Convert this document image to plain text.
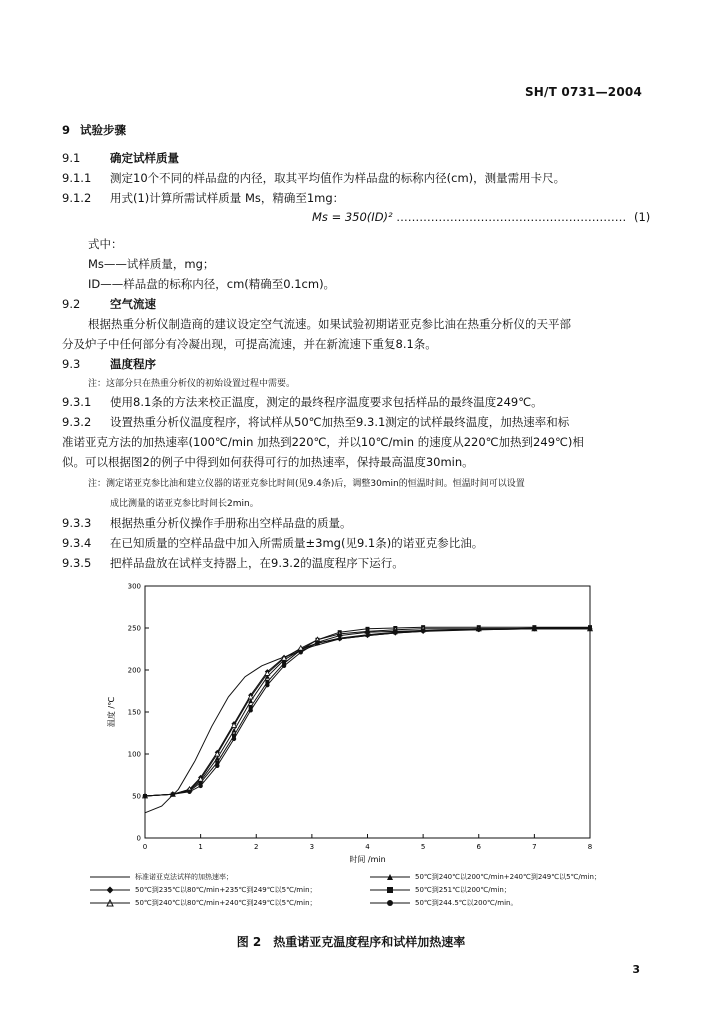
SH/T 0731—2004
9 试验步骤
9.1	确定试样质量
9.1.1 测定10个不同的样品盘的内径，取其平均值作为样品盘的标称内径(cm)，测量需用卡尺。
9.1.2 用式(1)计算所需试样质量 Ms，精确至1mg：
Ms = 350(ID)² …………………………………………………… (1)
式中：
Ms——试样质量，mg；
ID——样品盘的标称内径，cm(精确至0.1cm)。
9.2	空气流速
根据热重分析仪制造商的建议设定空气流速。如果试验初期诺亚克参比油在热重分析仪的天平部
分及炉子中任何部分有冷凝出现，可提高流速，并在新流速下重复8.1条。
9.3	温度程序
注：这部分只在热重分析仪的初始设置过程中需要。
9.3.1 使用8.1条的方法来校正温度，测定的最终程序温度要求包括样品的最终温度249℃。
9.3.2 设置热重分析仪温度程序，将试样从50℃加热至9.3.1测定的试样最终温度，加热速率和标
准诺亚克方法的加热速率(100℃/min 加热到220℃，并以10℃/min 的速度从220℃加热到249℃)相
似。可以根据图2的例子中得到如何获得可行的加热速率，保持最高温度30min。
注：测定诺亚克参比油和建立仪器的诺亚克参比时间(见9.4条)后，调整30min的恒温时间。恒温时间可以设置
成比测量的诺亚克参比时间长2min。
9.3.3 根据热重分析仪操作手册称出空样品盘的质量。
9.3.4 在已知质量的空样品盘中加入所需质量±3mg(见9.1条)的诺亚克参比油。
9.3.5 把样品盘放在试样支持器上，在9.3.2的温度程序下运行。
0	1	2	3	4	5	6	7	8
0
50
100
150
200
250
300
温度 /℃
时间 /min
标准诺亚克法试样的加热速率；	50℃到240℃以200℃/min+240℃到249℃以5℃/min；
50℃到235℃以80℃/min+235℃到249℃以5℃/min；	50℃到251℃以200℃/min；
50℃到240℃以80℃/min+240℃到249℃以5℃/min；	50℃到244.5℃以200℃/min。
图 2　热重诺亚克温度程序和试样加热速率
3
